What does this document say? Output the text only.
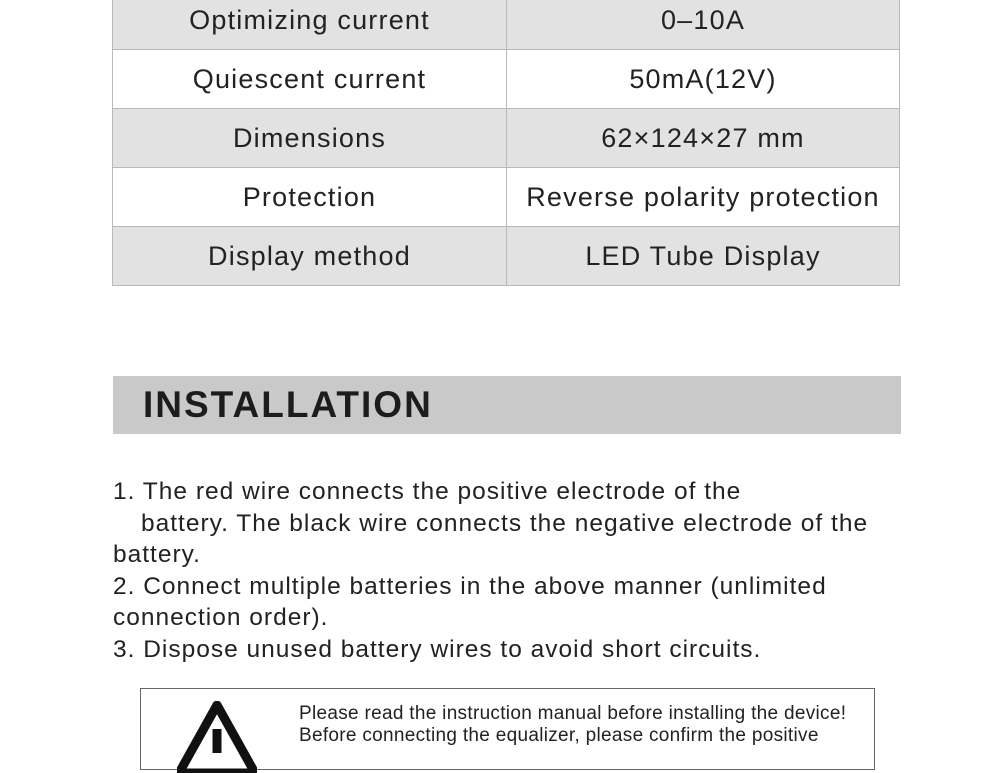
Optimizing current	0–10A
Quiescent current	50mA(12V)
Dimensions	62×124×27 mm
Protection	Reverse polarity protection
Display method	LED Tube Display
INSTALLATION

1. The red wire connects the positive electrode of the

battery. The black wire connects the negative electrode of the

battery.

2. Connect multiple batteries in the above manner (unlimited

connection order).

3. Dispose unused battery wires to avoid short circuits.

Please read the instruction manual before installing the device!

Before connecting the equalizer, please confirm the positive
